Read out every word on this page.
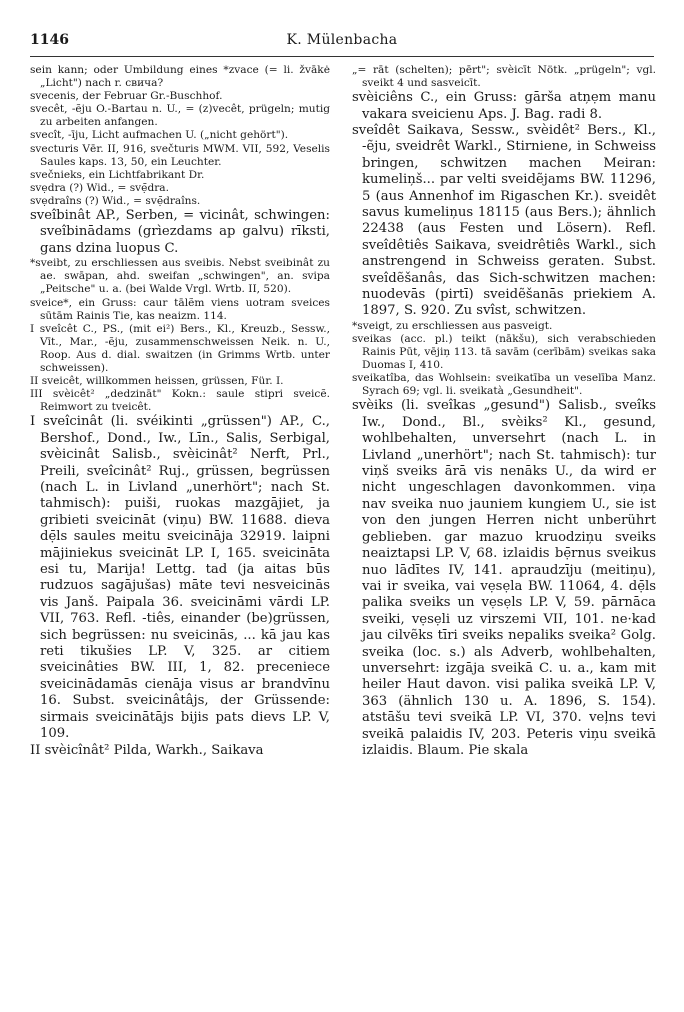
1146	K. Mülenbacha

sein kann; oder Umbildung eines *zvace (= li. žvākė „Licht") nach r. свича?

svecenis, der Februar Gr.-Buschhof.

svecêt, -ẽju O.-Bartau n. U., = (z)vecêt, prügeln; mutig zu arbeiten anfangen.

svecît, -īju, Licht aufmachen U. („nicht gehört").

svecturis Vēr. II, 916, svečturis MWM. VII, 592, Veselis Saules kaps. 13, 50, ein Leuchter.

svečnieks, ein Lichtfabrikant Dr.

svẹdra (?) Wid., = svẹ̄dra.

svẹdraîns (?) Wid., = svẹ̄draîns.

sveîbinât AP., Serben, = vicinât, schwingen: sveîbinādams (grìezdams ap galvu) rīksti, gans dzina luopus C.

*sveibt, zu erschliessen aus sveibis. Nebst sveibinât zu ae. swāpan, ahd. sweifan „schwingen", an. svipa „Peitsche" u. a. (bei Walde Vrgl. Wrtb. II, 520).

sveice*, ein Gruss: caur tālẽm viens uotram sveices sūtām Rainis Tie, kas neaizm. 114.

I sveîcêt C., PS., (mit ei²) Bers., Kl., Kreuzb., Sessw., Vīt., Mar., -ẽju, zusammenschweissen Neik. n. U., Roop. Aus d. dial. swaitzen (in Grimms Wrtb. unter schweissen).

II sveicêt, willkommen heissen, grüssen, Für. I.

III svèicêt² „dedzināt" Kokn.: saule stipri sveicẽ. Reimwort zu tveicêt.

I sveîcinât (li. svéikinti „grüssen") AP., C., Bershof., Dond., Iw., Līn., Salis, Serbigal, svèicinât Salisb., svèicinât² Nerft, Prl., Preili, sveîcinât² Ruj., grüssen, begrüssen (nach L. in Livland „unerhört"; nach St. tahmisch): puiši, ruokas mazgājiet, ja gribieti sveicināt (viņu) BW. 11688. dieva dẹ̄ls saules meitu sveicināja 32919. laipni mājiniekus sveicināt LP. I, 165. sveicināta esi tu, Marija! Lettg. tad (ja aitas būs rudzuos sagājušas) māte tevi nesveicinās vis Janš. Paipala 36. sveicināmi vārdi LP. VII, 763. Refl. -tiês, einander (be)grüssen, sich begrüssen: nu sveicinās, ... kā jau kas reti tikušies LP. V, 325. ar citiem sveicinâties BW. III, 1, 82. preceniece sveicinādamās cienāja visus ar brandvīnu 16. Subst. sveicinâtâjs, der Grüssende: sirmais sveicinātājs bijis pats dievs LP. V, 109.

II svèicînât² Pilda, Warkh., Saikava

„= rāt (schelten); pērt"; svèicīt Nötk. „prügeln"; vgl. sveikt 4 und sasveicīt.

svèiciêns C., ein Gruss: gārša atņẹm manu vakara sveicienu Aps. J. Bag. radi 8.

sveîdêt Saikava, Sessw., svèidêt² Bers., Kl., -ẽju, sveidrêt Warkl., Stirniene, in Schweiss bringen, schwitzen machen Meiran: kumeliņš... par velti sveidẽjams BW. 11296, 5 (aus Annenhof im Rigaschen Kr.). sveidêt savus kumeliņus 18115 (aus Bers.); ähnlich 22438 (aus Festen und Lösern). Refl. sveîdêtiês Saikava, sveidrêtiês Warkl., sich anstrengend in Schweiss geraten. Subst. sveîdẽšanâs, das Sich-schwitzen machen: nuodevās (pirtī) sveidẽšanās priekiem A. 1897, S. 920. Zu svîst, schwitzen.

*sveigt, zu erschliessen aus pasveigt.

sveikas (acc. pl.) teikt (nākšu), sich verabschieden Rainis Pūt, vējiņ 113. tā savām (cerībām) sveikas saka Duomas I, 410.

sveikatîba, das Wohlsein: sveikatība un veselība Manz. Syrach 69; vgl. li. sveikatà „Gesundheit".

svèiks (li. sveîkas „gesund") Salisb., sveîks Iw., Dond., Bl., svèiks² Kl., gesund, wohlbehalten, unversehrt (nach L. in Livland „unerhört"; nach St. tahmisch): tur viņš sveiks ārā vis nenāks U., da wird er nicht ungeschlagen davonkommen. viņa nav sveika nuo jauniem kungiem U., sie ist von den jungen Herren nicht unberührt geblieben. gar mazuo kruodziņu sveiks neaiztapsi LP. V, 68. izlaidis bẹ̄rnus sveikus nuo lādītes IV, 141. apraudzīju (meitiņu), vai ir sveika, vai vẹsẹla BW. 11064, 4. dẹ̄ls palika sveiks un vẹsẹls LP. V, 59. pārnāca sveiki, vẹsẹli uz virszemi VII, 101. ne·kad jau cilvẽks tīri sveiks nepaliks sveika² Golg. sveika (loc. s.) als Adverb, wohlbehalten, unversehrt: izgāja sveikā C. u. a., kam mit heiler Haut davon. visi palika sveikā LP. V, 363 (ähnlich 130 u. A. 1896, S. 154). atstāšu tevi sveikā LP. VI, 370. veļns tevi sveikā palaidis IV, 203. Peteris viņu sveikā izlaidis. Blaum. Pie skala
